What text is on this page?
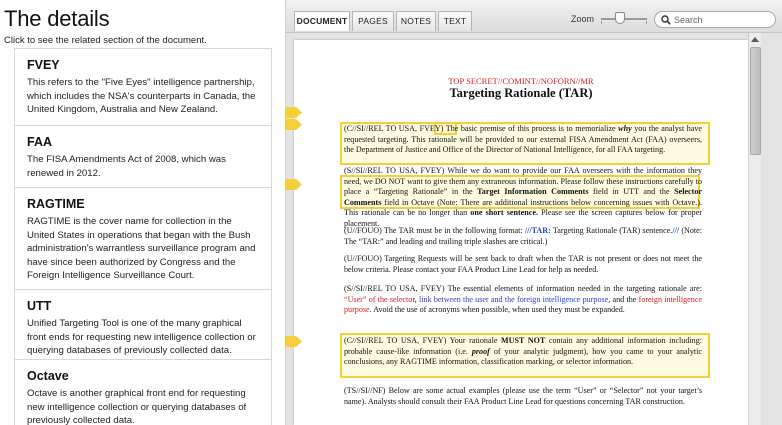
The details
Click to see the related section of the document.
FVEY

This refers to the "Five Eyes" intelligence partnership, which includes the NSA's counterparts in Canada, the United Kingdom, Australia and New Zealand.

FAA

The FISA Amendments Act of 2008, which was renewed in 2012.

RAGTIME

RAGTIME is the cover name for collection in the United States in operations that began with the Bush administration's warrantless surveillance program and have since been authorized by Congress and the Foreign Intelligence Surveillance Court.

UTT

Unified Targeting Tool is one of the many graphical front ends for requesting new intelligence collection or querying databases of previously collected data.

Octave

Octave is another graphical front end for requesting new intelligence collection or querying databases of previously collected data.

DOCUMENT	PAGES	NOTES	TEXT	Zoom
Search
TOP SECRET//COMINT//NOFORN//MR
Targeting Rationale (TAR)
(C//SI//REL TO USA, FVEY) The basic premise of this process is to memorialize why you the analyst have requested targeting. This rationale will be provided to our external FISA Amendment Act (FAA) overseers, the Department of Justice and Office of the Director of National Intelligence, for all FAA targeting.
(S//SI//REL TO USA, FVEY) While we do want to provide our FAA overseers with the information they need, we DO NOT want to give them any extraneous information. Please follow these instructions carefully to place a “Targeting Rationale” in the Target Information Comments field in UTT and the Selector Comments field in Octave (Note: There are additional instructions below concerning issues with Octave.). This rationale can be no longer than one short sentence. Please see the screen captures below for proper placement.
(U//FOUO) The TAR must be in the following format: ///TAR: Targeting Rationale (TAR) sentence./// (Note: The “TAR:” and leading and trailing triple slashes are critical.)
(U//FOUO) Targeting Requests will be sent back to draft when the TAR is not present or does not meet the below criteria. Please contact your FAA Product Line Lead for help as needed.
(S//SI//REL TO USA, FVEY) The essential elements of information needed in the targeting rationale are: “User” of the selector, link between the user and the foreign intelligence purpose, and the foreign intelligence purpose. Avoid the use of acronyms when possible, when used they must be expanded.
(C//SI//REL TO USA, FVEY) Your rationale MUST NOT contain any additional information including: probable cause-like information (i.e. proof of your analytic judgment), how you came to your analytic conclusions, any RAGTIME information, classification marking, or selector information.
(TS//SI//NF) Below are some actual examples (please use the term “User” or “Selector” not your target’s name). Analysts should consult their FAA Product Line Lead for questions concerning TAR construction.
